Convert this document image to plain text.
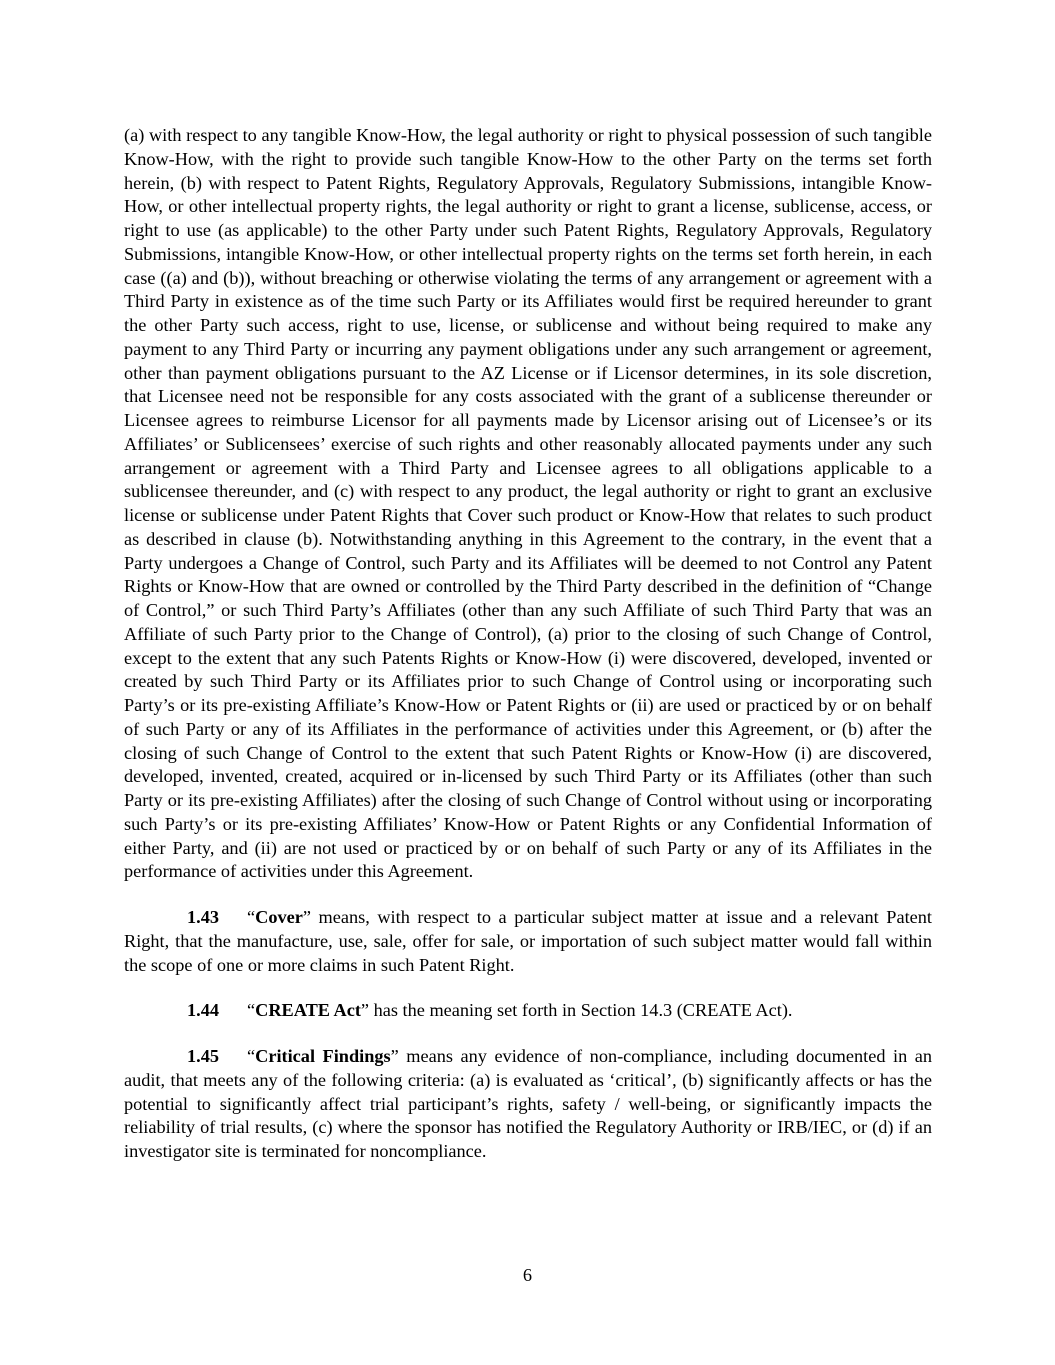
(a) with respect to any tangible Know-How, the legal authority or right to physical possession of such tangible Know-How, with the right to provide such tangible Know-How to the other Party on the terms set forth herein, (b) with respect to Patent Rights, Regulatory Approvals, Regulatory Submissions, intangible Know-How, or other intellectual property rights, the legal authority or right to grant a license, sublicense, access, or right to use (as applicable) to the other Party under such Patent Rights, Regulatory Approvals, Regulatory Submissions, intangible Know-How, or other intellectual property rights on the terms set forth herein, in each case ((a) and (b)), without breaching or otherwise violating the terms of any arrangement or agreement with a Third Party in existence as of the time such Party or its Affiliates would first be required hereunder to grant the other Party such access, right to use, license, or sublicense and without being required to make any payment to any Third Party or incurring any payment obligations under any such arrangement or agreement, other than payment obligations pursuant to the AZ License or if Licensor determines, in its sole discretion, that Licensee need not be responsible for any costs associated with the grant of a sublicense thereunder or Licensee agrees to reimburse Licensor for all payments made by Licensor arising out of Licensee’s or its Affiliates’ or Sublicensees’ exercise of such rights and other reasonably allocated payments under any such arrangement or agreement with a Third Party and Licensee agrees to all obligations applicable to a sublicensee thereunder, and (c) with respect to any product, the legal authority or right to grant an exclusive license or sublicense under Patent Rights that Cover such product or Know-How that relates to such product as described in clause (b). Notwithstanding anything in this Agreement to the contrary, in the event that a Party undergoes a Change of Control, such Party and its Affiliates will be deemed to not Control any Patent Rights or Know-How that are owned or controlled by the Third Party described in the definition of “Change of Control,” or such Third Party’s Affiliates (other than any such Affiliate of such Third Party that was an Affiliate of such Party prior to the Change of Control), (a) prior to the closing of such Change of Control, except to the extent that any such Patents Rights or Know-How (i) were discovered, developed, invented or created by such Third Party or its Affiliates prior to such Change of Control using or incorporating such Party’s or its pre-existing Affiliate’s Know-How or Patent Rights or (ii) are used or practiced by or on behalf of such Party or any of its Affiliates in the performance of activities under this Agreement, or (b) after the closing of such Change of Control to the extent that such Patent Rights or Know-How (i) are discovered, developed, invented, created, acquired or in-licensed by such Third Party or its Affiliates (other than such Party or its pre-existing Affiliates) after the closing of such Change of Control without using or incorporating such Party’s or its pre-existing Affiliates’ Know-How or Patent Rights or any Confidential Information of either Party, and (ii) are not used or practiced by or on behalf of such Party or any of its Affiliates in the performance of activities under this Agreement.

1.43 “Cover” means, with respect to a particular subject matter at issue and a relevant Patent Right, that the manufacture, use, sale, offer for sale, or importation of such subject matter would fall within the scope of one or more claims in such Patent Right.

1.44 “CREATE Act” has the meaning set forth in Section 14.3 (CREATE Act).

1.45 “Critical Findings” means any evidence of non-compliance, including documented in an audit, that meets any of the following criteria: (a) is evaluated as ‘critical’, (b) significantly affects or has the potential to significantly affect trial participant’s rights, safety / well-being, or significantly impacts the reliability of trial results, (c) where the sponsor has notified the Regulatory Authority or IRB/IEC, or (d) if an investigator site is terminated for noncompliance.

6
